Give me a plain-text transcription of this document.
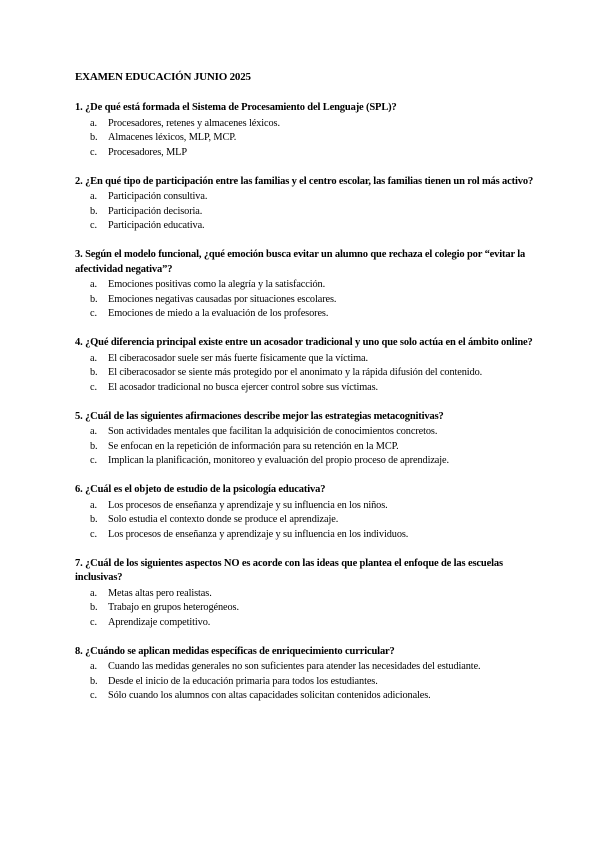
EXAMEN EDUCACIÓN JUNIO 2025

1. ¿De qué está formada el Sistema de Procesamiento del Lenguaje (SPL)?

a.	Procesadores, retenes y almacenes léxicos.
b.	Almacenes léxicos, MLP, MCP.
c.	Procesadores, MLP

2. ¿En qué tipo de participación entre las familias y el centro escolar, las familias tienen un rol más activo?

a.	Participación consultiva.
b.	Participación decisoria.
c.	Participación educativa.

3. Según el modelo funcional, ¿qué emoción busca evitar un alumno que rechaza el colegio por “evitar la afectividad negativa”?

a.	Emociones positivas como la alegría y la satisfacción.
b.	Emociones negativas causadas por situaciones escolares.
c.	Emociones de miedo a la evaluación de los profesores.

4. ¿Qué diferencia principal existe entre un acosador tradicional y uno que solo actúa en el ámbito online?

a.	El ciberacosador suele ser más fuerte físicamente que la víctima.
b.	El ciberacosador se siente más protegido por el anonimato y la rápida difusión del contenido.
c.	El acosador tradicional no busca ejercer control sobre sus víctimas.

5. ¿Cuál de las siguientes afirmaciones describe mejor las estrategias metacognitivas?

a.	Son actividades mentales que facilitan la adquisición de conocimientos concretos.
b.	Se enfocan en la repetición de información para su retención en la MCP.
c.	Implican la planificación, monitoreo y evaluación del propio proceso de aprendizaje.

6. ¿Cuál es el objeto de estudio de la psicología educativa?

a.	Los procesos de enseñanza y aprendizaje y su influencia en los niños.
b.	Solo estudia el contexto donde se produce el aprendizaje.
c.	Los procesos de enseñanza y aprendizaje y su influencia en los individuos.

7. ¿Cuál de los siguientes aspectos NO es acorde con las ideas que plantea el enfoque de las escuelas inclusivas?

a.	Metas altas pero realistas.
b.	Trabajo en grupos heterogéneos.
c.	Aprendizaje competitivo.

8. ¿Cuándo se aplican medidas específicas de enriquecimiento curricular?

a.	Cuando las medidas generales no son suficientes para atender las necesidades del estudiante.
b.	Desde el inicio de la educación primaria para todos los estudiantes.
c.	Sólo cuando los alumnos con altas capacidades solicitan contenidos adicionales.
